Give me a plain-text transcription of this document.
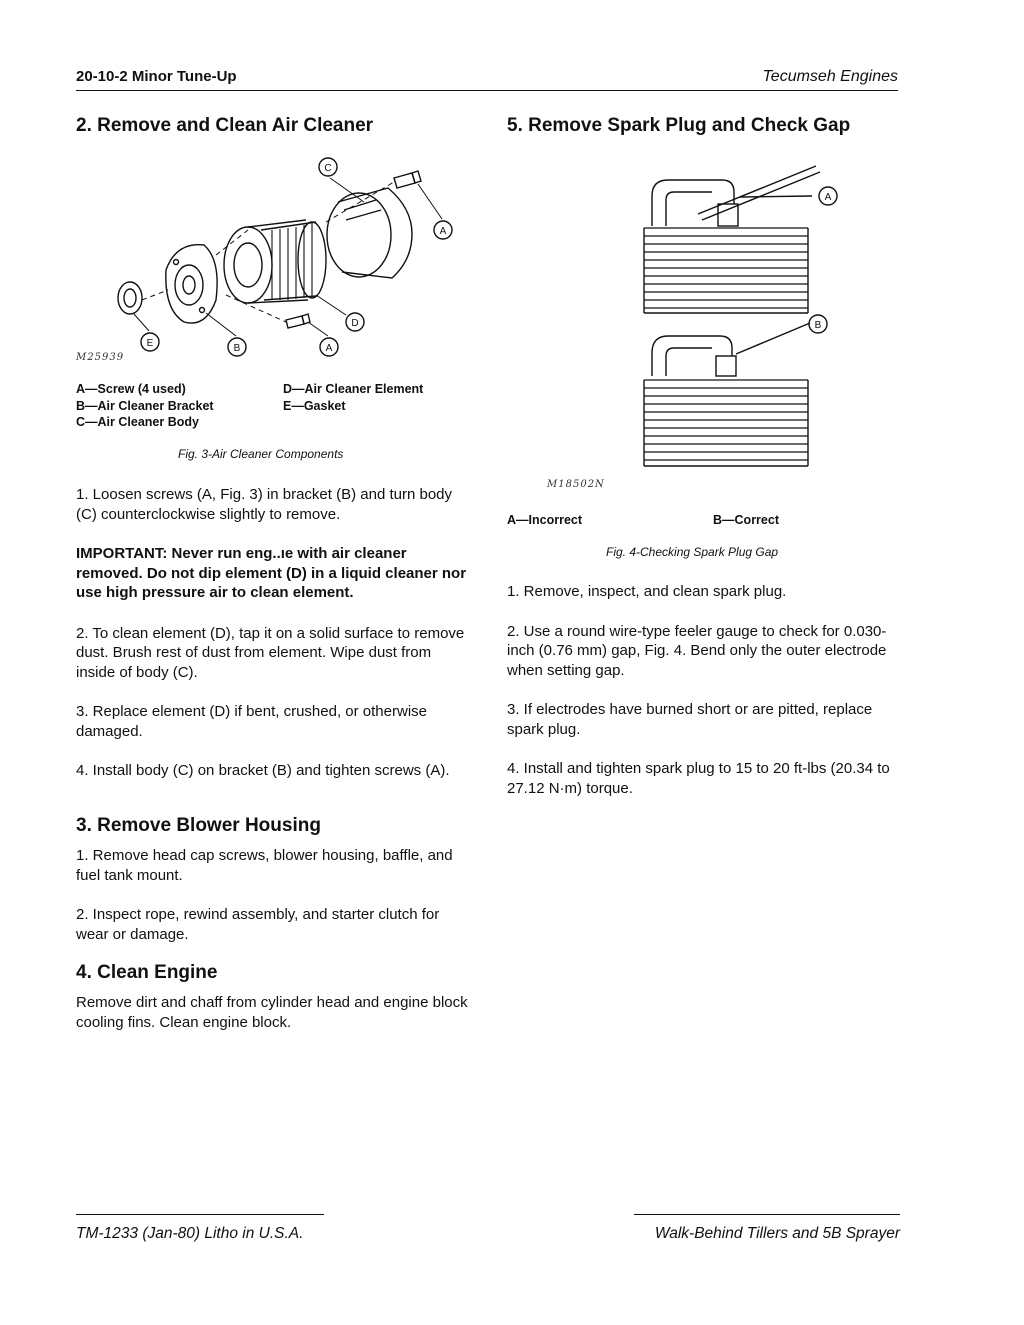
20-10-2 Minor Tune-Up	Tecumseh Engines
2. Remove and Clean Air Cleaner
C
A
E	B
D
A
M25939
A—Screw (4 used)
B—Air Cleaner Bracket
C—Air Cleaner Body
D—Air Cleaner Element
E—Gasket
Fig. 3-Air Cleaner Components

1. Loosen screws (A, Fig. 3) in bracket (B) and turn body (C) counterclockwise slightly to remove.

IMPORTANT: Never run eng..ıe with air cleaner removed. Do not dip element (D) in a liquid cleaner nor use high pressure air to clean element.

2. To clean element (D), tap it on a solid surface to remove dust. Brush rest of dust from element. Wipe dust from inside of body (C).

3. Replace element (D) if bent, crushed, or otherwise damaged.

4. Install body (C) on bracket (B) and tighten screws (A).

3. Remove Blower Housing

1. Remove head cap screws, blower housing, baffle, and fuel tank mount.

2. Inspect rope, rewind assembly, and starter clutch for wear or damage.

4. Clean Engine

Remove dirt and chaff from cylinder head and engine block cooling fins. Clean engine block.

5. Remove Spark Plug and Check Gap
A
B
M18502N
A—Incorrect	B—Correct
Fig. 4-Checking Spark Plug Gap

1. Remove, inspect, and clean spark plug.

2. Use a round wire-type feeler gauge to check for 0.030-inch (0.76 mm) gap, Fig. 4. Bend only the outer electrode when setting gap.

3. If electrodes have burned short or are pitted, replace spark plug.

4. Install and tighten spark plug to 15 to 20 ft-lbs (20.34 to 27.12 N·m) torque.

TM-1233 (Jan-80) Litho in U.S.A.	Walk-Behind Tillers and 5B Sprayer
